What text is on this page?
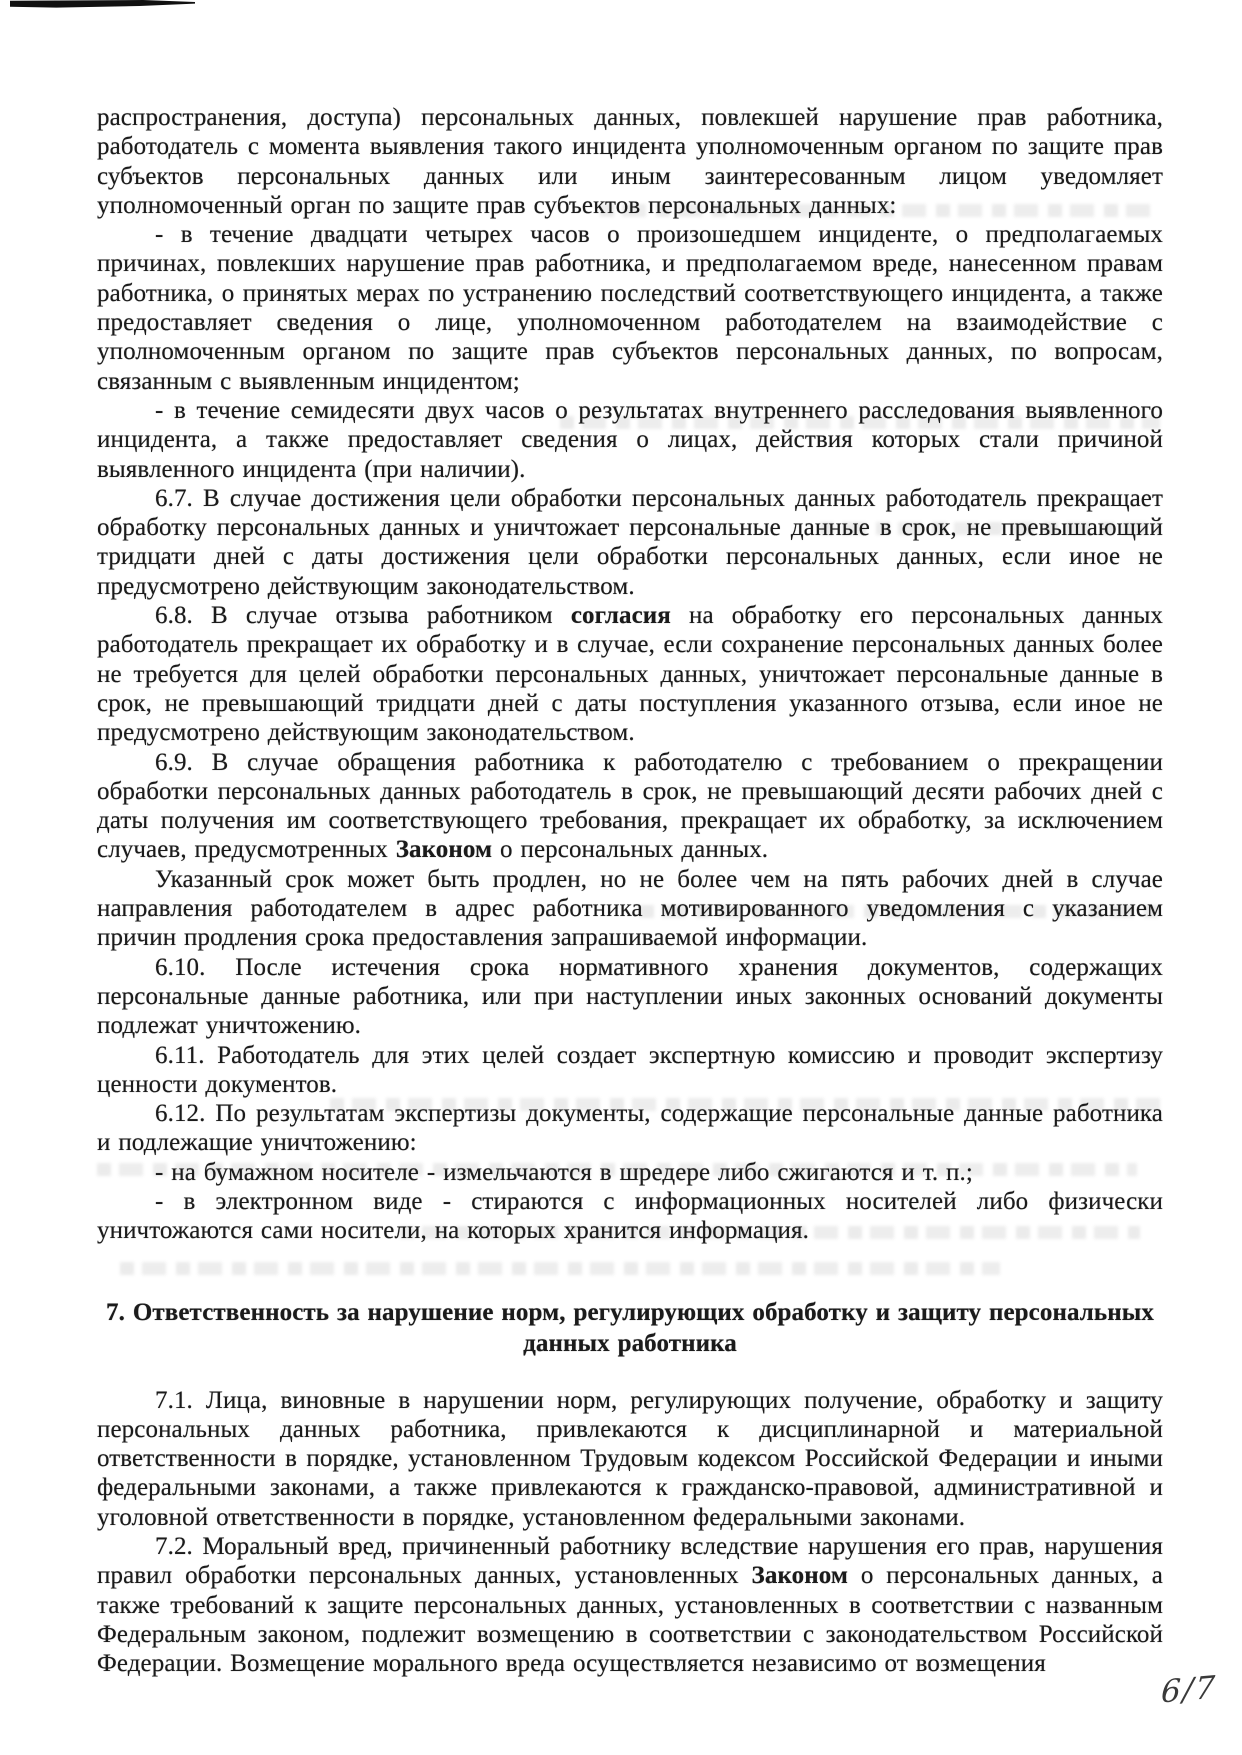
распространения, доступа) персональных данных, повлекшей нарушение прав работника, работодатель с момента выявления такого инцидента уполномоченным органом по защите прав субъектов персональных данных или иным заинтересованным лицом уведомляет уполномоченный орган по защите прав субъектов персональных данных:

- в течение двадцати четырех часов о произошедшем инциденте, о предполагаемых причинах, повлекших нарушение прав работника, и предполагаемом вреде, нанесенном правам работника, о принятых мерах по устранению последствий соответствующего инцидента, а также предоставляет сведения о лице, уполномоченном работодателем на взаимодействие с уполномоченным органом по защите прав субъектов персональных данных, по вопросам, связанным с выявленным инцидентом;

- в течение семидесяти двух часов о результатах внутреннего расследования выявленного инцидента, а также предоставляет сведения о лицах, действия которых стали причиной выявленного инцидента (при наличии).

6.7. В случае достижения цели обработки персональных данных работодатель прекращает обработку персональных данных и уничтожает персональные данные в срок, не превышающий тридцати дней с даты достижения цели обработки персональных данных, если иное не предусмотрено действующим законодательством.

6.8. В случае отзыва работником согласия на обработку его персональных данных работодатель прекращает их обработку и в случае, если сохранение персональных данных более не требуется для целей обработки персональных данных, уничтожает персональные данные в срок, не превышающий тридцати дней с даты поступления указанного отзыва, если иное не предусмотрено действующим законодательством.

6.9. В случае обращения работника к работодателю с требованием о прекращении обработки персональных данных работодатель в срок, не превышающий десяти рабочих дней с даты получения им соответствующего требования, прекращает их обработку, за исключением случаев, предусмотренных Законом о персональных данных.

Указанный срок может быть продлен, но не более чем на пять рабочих дней в случае направления работодателем в адрес работника мотивированного уведомления с указанием причин продления срока предоставления запрашиваемой информации.

6.10. После истечения срока нормативного хранения документов, содержащих персональные данные работника, или при наступлении иных законных оснований документы подлежат уничтожению.

6.11. Работодатель для этих целей создает экспертную комиссию и проводит экспертизу ценности документов.

6.12. По результатам экспертизы документы, содержащие персональные данные работника и подлежащие уничтожению:

- на бумажном носителе - измельчаются в шредере либо сжигаются и т. п.;

- в электронном виде - стираются с информационных носителей либо физически уничтожаются сами носители, на которых хранится информация.

7. Ответственность за нарушение норм, регулирующих обработку и защиту персональных данных работника

7.1. Лица, виновные в нарушении норм, регулирующих получение, обработку и защиту персональных данных работника, привлекаются к дисциплинарной и материальной ответственности в порядке, установленном Трудовым кодексом Российской Федерации и иными федеральными законами, а также привлекаются к гражданско-правовой, административной и уголовной ответственности в порядке, установленном федеральными законами.

7.2. Моральный вред, причиненный работнику вследствие нарушения его прав, нарушения правил обработки персональных данных, установленных Законом о персональных данных, а также требований к защите персональных данных, установленных в соответствии с названным Федеральным законом, подлежит возмещению в соответствии с законодательством Российской Федерации. Возмещение морального вреда осуществляется независимо от возмещения

6/7
